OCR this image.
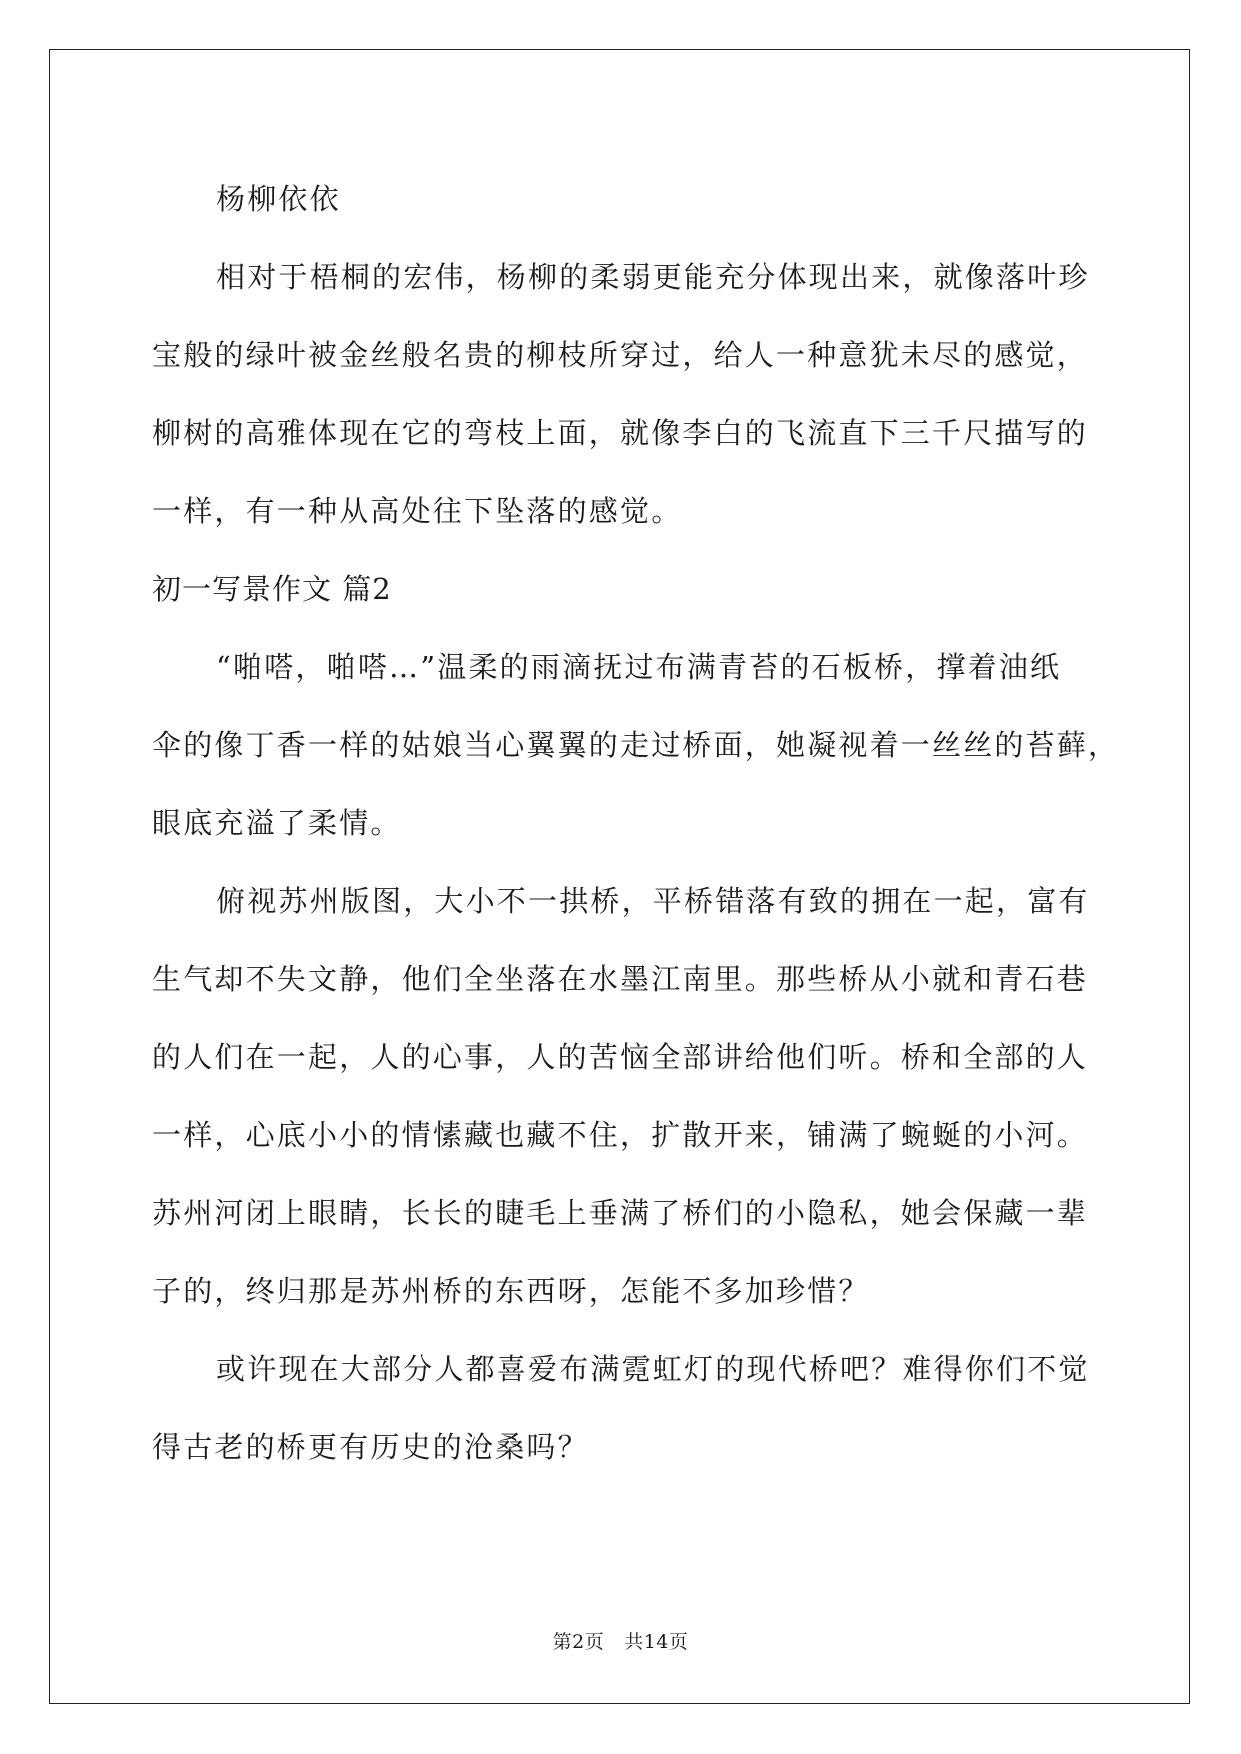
杨柳依依

相对于梧桐的宏伟，杨柳的柔弱更能充分体现出来，就像落叶珍

宝般的绿叶被金丝般名贵的柳枝所穿过，给人一种意犹未尽的感觉，

柳树的高雅体现在它的弯枝上面，就像李白的飞流直下三千尺描写的

一样，有一种从高处往下坠落的感觉。

初一写景作文 篇2

“啪嗒，啪嗒…”温柔的雨滴抚过布满青苔的石板桥，撑着油纸

伞的像丁香一样的姑娘当心翼翼的走过桥面，她凝视着一丝丝的苔藓，

眼底充溢了柔情。

俯视苏州版图，大小不一拱桥，平桥错落有致的拥在一起，富有

生气却不失文静，他们全坐落在水墨江南里。那些桥从小就和青石巷

的人们在一起，人的心事，人的苦恼全部讲给他们听。桥和全部的人

一样，心底小小的情愫藏也藏不住，扩散开来，铺满了蜿蜒的小河。

苏州河闭上眼睛，长长的睫毛上垂满了桥们的小隐私，她会保藏一辈

子的，终归那是苏州桥的东西呀，怎能不多加珍惜？

或许现在大部分人都喜爱布满霓虹灯的现代桥吧？难得你们不觉

得古老的桥更有历史的沧桑吗？

第2页 共14页
